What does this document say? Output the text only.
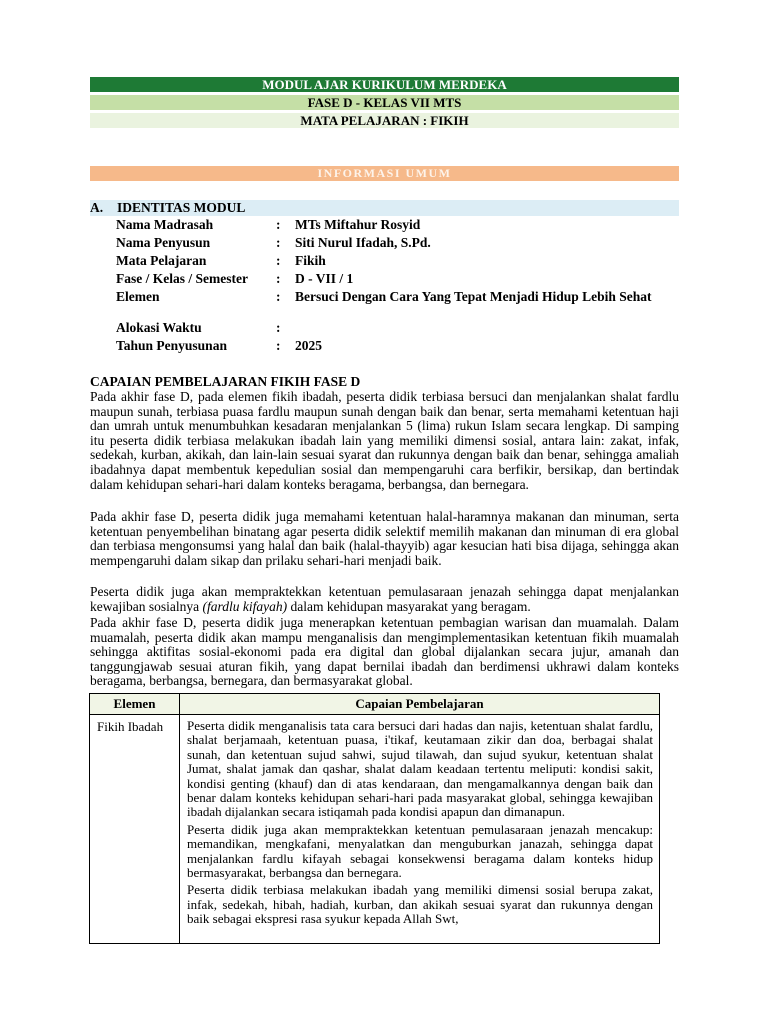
MODUL AJAR KURIKULUM MERDEKA
FASE D - KELAS VII MTS
MATA PELAJARAN : FIKIH
INFORMASI UMUM
A. IDENTITAS MODUL
Nama Madrasah	: MTs Miftahur Rosyid
Nama Penyusun	: Siti Nurul Ifadah, S.Pd.
Mata Pelajaran	: Fikih
Fase / Kelas / Semester : D - VII / 1
Elemen	: Bersuci Dengan Cara Yang Tepat Menjadi Hidup Lebih Sehat
Alokasi Waktu	:
Tahun Penyusunan	: 2025
CAPAIAN PEMBELAJARAN FIKIH FASE D

Pada akhir fase D, pada elemen fikih ibadah, peserta didik terbiasa bersuci dan menjalankan shalat fardlu maupun sunah, terbiasa puasa fardlu maupun sunah dengan baik dan benar, serta memahami ketentuan haji dan umrah untuk menumbuhkan kesadaran menjalankan 5 (lima) rukun Islam secara lengkap. Di samping itu peserta didik terbiasa melakukan ibadah lain yang memiliki dimensi sosial, antara lain: zakat, infak, sedekah, kurban, akikah, dan lain-lain sesuai syarat dan rukunnya dengan baik dan benar, sehingga amaliah ibadahnya dapat membentuk kepedulian sosial dan mempengaruhi cara berfikir, bersikap, dan bertindak dalam kehidupan sehari-hari dalam konteks beragama, berbangsa, dan bernegara.

Pada akhir fase D, peserta didik juga memahami ketentuan halal-haramnya makanan dan minuman, serta ketentuan penyembelihan binatang agar peserta didik selektif memilih makanan dan minuman di era global dan terbiasa mengonsumsi yang halal dan baik (halal-thayyib) agar kesucian hati bisa dijaga, sehingga akan mempengaruhi dalam sikap dan prilaku sehari-hari menjadi baik.

Peserta didik juga akan mempraktekkan ketentuan pemulasaraan jenazah sehingga dapat menjalankan kewajiban sosialnya (fardlu kifayah) dalam kehidupan masyarakat yang beragam.

Pada akhir fase D, peserta didik juga menerapkan ketentuan pembagian warisan dan muamalah. Dalam muamalah, peserta didik akan mampu menganalisis dan mengimplementasikan ketentuan fikih muamalah sehingga aktifitas sosial-ekonomi pada era digital dan global dijalankan secara jujur, amanah dan tanggungjawab sesuai aturan fikih, yang dapat bernilai ibadah dan berdimensi ukhrawi dalam konteks beragama, berbangsa, bernegara, dan bermasyarakat global.

Elemen	Capaian Pembelajaran

Fikih Ibadah	Peserta didik menganalisis tata cara bersuci dari hadas dan najis, ketentuan shalat fardlu, shalat berjamaah, ketentuan puasa, i'tikaf, keutamaan zikir dan doa, berbagai shalat sunah, dan ketentuan sujud sahwi, sujud tilawah, dan sujud syukur, ketentuan shalat Jumat, shalat jamak dan qashar, shalat dalam keadaan tertentu meliputi: kondisi sakit, kondisi genting (khauf) dan di atas kendaraan, dan mengamalkannya dengan baik dan benar dalam konteks kehidupan sehari-hari pada masyarakat global, sehingga kewajiban ibadah dijalankan secara istiqamah pada kondisi apapun dan dimanapun.

Peserta didik juga akan mempraktekkan ketentuan pemulasaraan jenazah mencakup: memandikan, mengkafani, menyalatkan dan menguburkan janazah, sehingga dapat menjalankan fardlu kifayah sebagai konsekwensi beragama dalam konteks hidup bermasyarakat, berbangsa dan bernegara.

Peserta didik terbiasa melakukan ibadah yang memiliki dimensi sosial berupa zakat, infak, sedekah, hibah, hadiah, kurban, dan akikah sesuai syarat dan rukunnya dengan baik sebagai ekspresi rasa syukur kepada Allah Swt,
